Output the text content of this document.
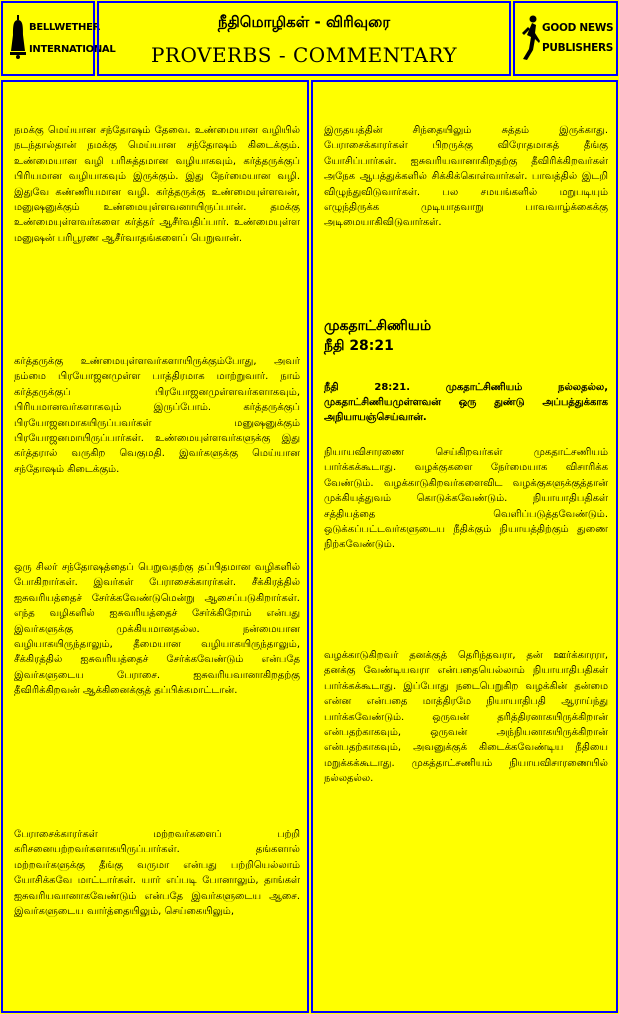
BELLWETHER
INTERNATIONAL
நீதிமொழிகள் - விரிவுரை
PROVERBS - COMMENTARY
GOOD NEWS
PUBLISHERS

நமக்கு மெய்யான சந்தோஷம் தேவை. உண்மையான வழியில் நடந்தால்தான் நமக்கு மெய்யான சந்தோஷம் கிடைக்கும். உண்மையான வழி பரிசுத்தமான வழியாகவும், கர்த்தருக்குப் பிரியமான வழியாகவும் இருக்கும். இது நேர்மையான வழி. இதுவே கண்ணியமான வழி. கர்த்தருக்கு உண்மையுள்ளவன், மனுஷனுக்கும் உண்மையுள்ளவனாயிருப்பான். தமக்கு உண்மையுள்ளவர்களை கர்த்தர் ஆசீர்வதிப்பார். உண்மையுள்ள மனுஷன் பரிபூரண ஆசீர்வாதங்களைப் பெறுவான்.

கர்த்தருக்கு உண்மையுள்ளவர்களாயிருக்கும்போது, அவர் நம்மை பிரயோஜனமுள்ள பாத்திரமாக மாற்றுவார். நாம் கர்த்தருக்குப் பிரயோஜனமுள்ளவர்களாகவும், பிரியமானவர்களாகவும் இருப்போம். கர்த்தருக்குப் பிரயோஜனமாகயிருப்பவர்கள் மனுஷனுக்கும் பிரயோஜனமாயிருப்பார்கள். உண்மையுள்ளவர்களுக்கு இது கர்த்தரால் வருகிற வெகுமதி. இவர்களுக்கு மெய்யான சந்தோஷம் கிடைக்கும்.

ஒரு சிலர் சந்தோஷத்தைப் பெறுவதற்கு தப்பிதமான வழிகளில் போகிறார்கள். இவர்கள் பேராசைக்காரர்கள். சீக்கிரத்தில் ஐசுவரியத்தைச் சேர்க்கவேண்டுமென்று ஆசைப்படுகிறார்கள். எந்த வழிகளில் ஐசுவரியத்தைச் சேர்க்கிறோம் என்பது இவர்களுக்கு முக்கியமானதல்ல. நன்மையான வழியாகயிருந்தாலும், தீமையான வழியாகயிருந்தாலும், சீக்கிரத்தில் ஐசுவரியத்தைச் சேர்க்கவேண்டும் என்பதே இவர்களுடைய பேராசை. ஐசுவரியவானாகிறதற்கு தீவிரிக்கிறவன் ஆக்கினைக்குத் தப்பிக்கமாட்டான்.

பேராசைக்காரர்கள் மற்றவர்களைப் பற்றி கரிசனையற்றவர்களாகயிருப்பார்கள். தங்களால் மற்றவர்களுக்கு தீங்கு வருமா என்பது பற்றியெல்லாம் யோசிக்கவே மாட்டார்கள். யார் எப்படி போனாலும், தாங்கள் ஐசுவரியவானாகவேண்டும் என்பதே இவர்களுடைய ஆசை. இவர்களுடைய வார்த்தையிலும், செய்கையிலும்,

இருதயத்தின் சிந்தையிலும் சுத்தம் இருக்காது. பேராசைக்காரர்கள் பிறருக்கு விரோதமாகத் தீங்கு யோசிப்பார்கள். ஐசுவரியவானாகிறதற்கு தீவிரிக்கிறவர்கள் அநேக ஆபத்துக்களில் சிக்கிக்கொள்வார்கள். பாவத்தில் இடறி விழுந்துவிடுவார்கள். பல சமயங்களில் மறுபடியும் எழுந்திருக்க முடியாதவாறு பாவவாழ்க்கைக்கு அடிமையாகிவிடுவார்கள்.

முகதாட்சிணியம்
நீதி 28:21
நீதி 28:21. முகதாட்சிணியம் நல்லதல்ல, முகதாட்சிணியமுள்ளவன் ஒரு துண்டு அப்பத்துக்காக அநியாயஞ்செய்வான்.

நியாயவிசாரணை செய்கிறவர்கள் முகதாட்சணியம் பார்க்கக்கூடாது. வழக்குகளை நேர்மையாக விசாரிக்க வேண்டும். வழக்காடுகிறவர்களைவிட வழக்குகளுக்குத்தான் முக்கியத்துவம் கொடுக்கவேண்டும். நியாயாதிபதிகள் சத்தியத்தை வெளிப்படுத்தவேண்டும். ஒடுக்கப்பட்டவர்களுடைய நீதிக்கும் நியாயத்திற்கும் துணை நிற்கவேண்டும்.

வழக்காடுகிறவர் தனக்குத் தெரிந்தவரா, தன் ஊர்க்காரரா, தனக்கு வேண்டியவரா என்பதையெல்லாம் நியாயாதிபதிகள் பார்க்கக்கூடாது. இப்போது நடைபெறுகிற வழக்கின் தன்மை என்ன என்பதை மாத்திரமே நியாயாதிபதி ஆராய்ந்து பார்க்கவேண்டும். ஒருவன் தரித்திரனாகயிருக்கிறான் என்பதற்காகவும், ஒருவன் அந்நியனாகயிருக்கிறான் என்பதற்காகவும், அவனுக்குக் கிடைக்கவேண்டிய நீதியை மறுக்கக்கூடாது. முகத்தாட்சணியம் நியாயவிசாரணையில் நல்லதல்ல.
